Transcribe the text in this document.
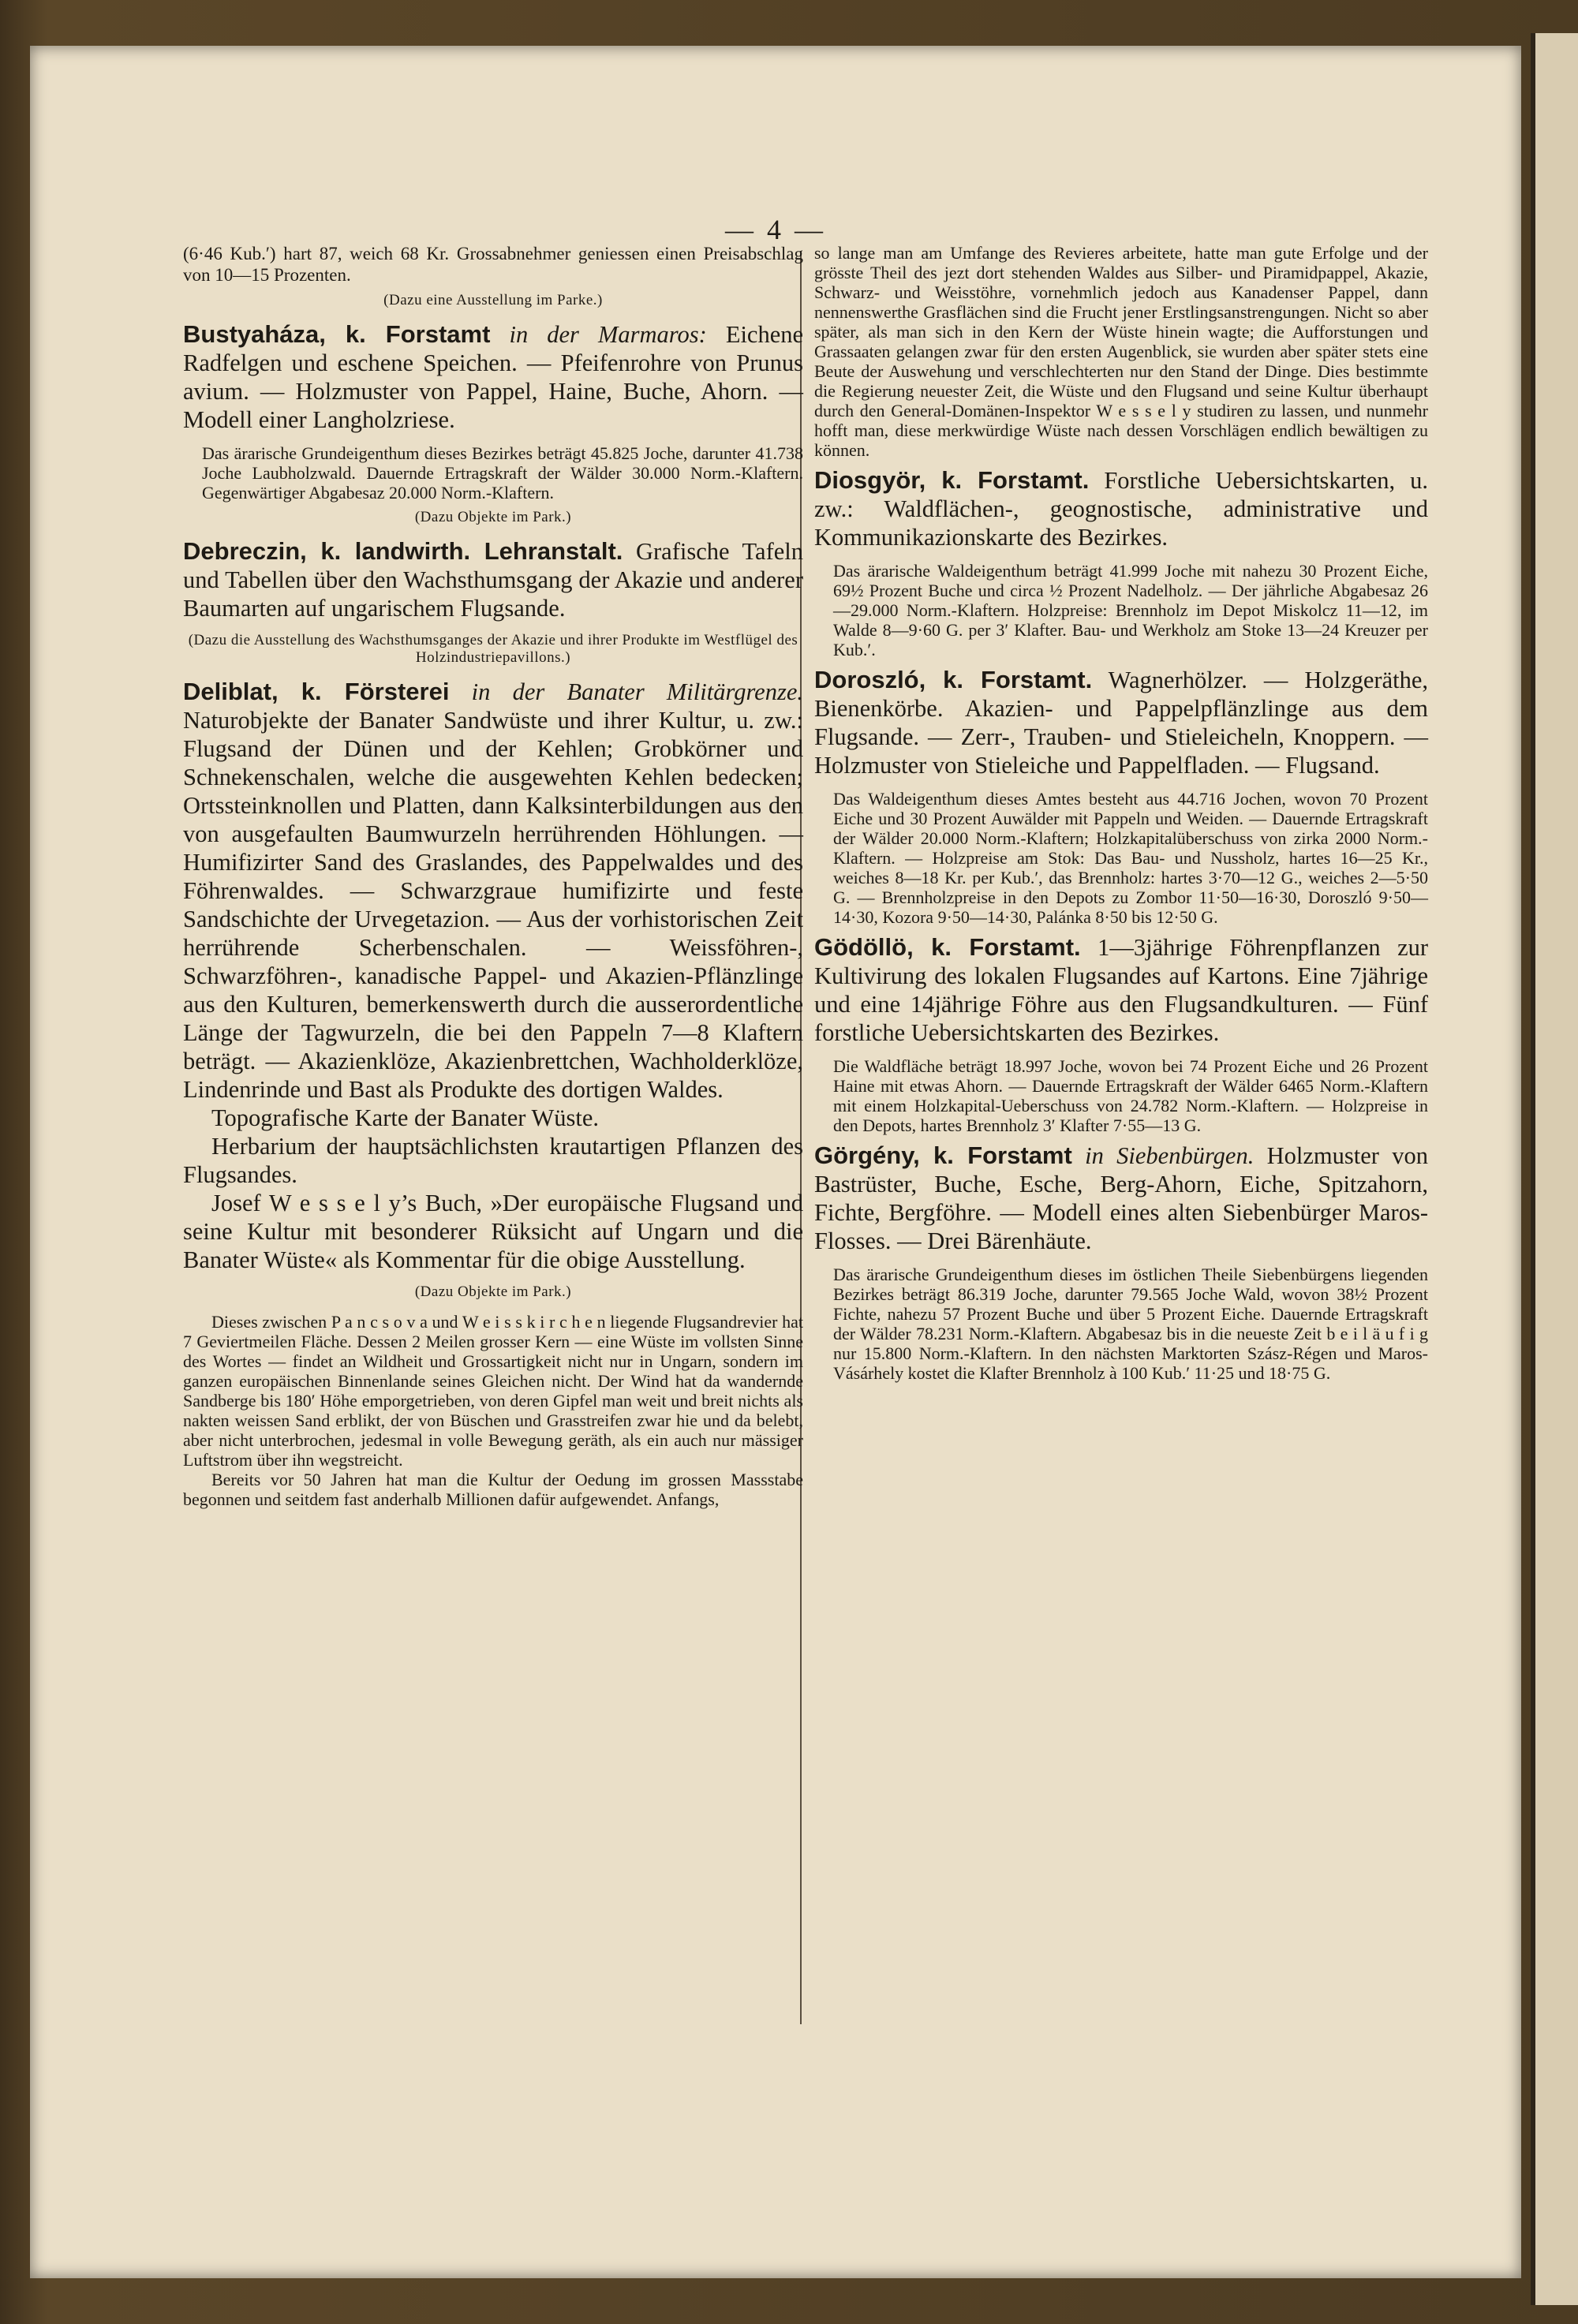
— 4 —

(6·46 Kub.′) hart 87, weich 68 Kr. Grossabnehmer geniessen einen Preisabschlag von 10—15 Prozenten.

(Dazu eine Ausstellung im Parke.)

Bustyaháza, k. Forstamt in der Marmaros: Eichene Radfelgen und eschene Speichen. — Pfeifenrohre von Prunus avium. — Holzmuster von Pappel, Haine, Buche, Ahorn. — Modell einer Langholzriese.

Das ärarische Grundeigenthum dieses Bezirkes beträgt 45.825 Joche, darunter 41.738 Joche Laubholzwald. Dauernde Ertragskraft der Wälder 30.000 Norm.-Klaftern. Gegenwärtiger Abgabesaz 20.000 Norm.-Klaftern.

(Dazu Objekte im Park.)

Debreczin, k. landwirth. Lehranstalt. Grafische Tafeln und Tabellen über den Wachsthumsgang der Akazie und anderer Baumarten auf ungarischem Flugsande.

(Dazu die Ausstellung des Wachsthumsganges der Akazie und ihrer Produkte im Westflügel des Holzindustriepavillons.)

Deliblat, k. Försterei in der Banater Militärgrenze. Naturobjekte der Banater Sandwüste und ihrer Kultur, u. zw.: Flugsand der Dünen und der Kehlen; Grobkörner und Schnekenschalen, welche die ausgewehten Kehlen bedecken; Ortssteinknollen und Platten, dann Kalksinterbildungen aus den von ausgefaulten Baumwurzeln herrührenden Höhlungen. — Humifizirter Sand des Graslandes, des Pappelwaldes und des Föhrenwaldes. — Schwarzgraue humifizirte und feste Sandschichte der Urvegetazion. — Aus der vorhistorischen Zeit herrührende Scherbenschalen. — Weissföhren-, Schwarzföhren-, kanadische Pappel- und Akazien-Pflänzlinge aus den Kulturen, bemerkenswerth durch die ausserordentliche Länge der Tagwurzeln, die bei den Pappeln 7—8 Klaftern beträgt. — Akazienklöze, Akazienbrettchen, Wachholderklöze, Lindenrinde und Bast als Produkte des dortigen Waldes.

Topografische Karte der Banater Wüste.

Herbarium der hauptsächlichsten krautartigen Pflanzen des Flugsandes.

Josef W e s s e l y’s Buch, »Der europäische Flugsand und seine Kultur mit besonderer Rüksicht auf Ungarn und die Banater Wüste« als Kommentar für die obige Ausstellung.

(Dazu Objekte im Park.)

Dieses zwischen P a n c s o v a und W e i s s k i r c h e n liegende Flugsandrevier hat 7 Geviertmeilen Fläche. Dessen 2 Meilen grosser Kern — eine Wüste im vollsten Sinne des Wortes — findet an Wildheit und Grossartigkeit nicht nur in Ungarn, sondern im ganzen europäischen Binnenlande seines Gleichen nicht. Der Wind hat da wandernde Sandberge bis 180′ Höhe emporgetrieben, von deren Gipfel man weit und breit nichts als nakten weissen Sand erblikt, der von Büschen und Grasstreifen zwar hie und da belebt, aber nicht unterbrochen, jedesmal in volle Bewegung geräth, als ein auch nur mässiger Luftstrom über ihn wegstreicht.

Bereits vor 50 Jahren hat man die Kultur der Oedung im grossen Massstabe begonnen und seitdem fast anderhalb Millionen dafür aufgewendet. Anfangs,

so lange man am Umfange des Revieres arbeitete, hatte man gute Erfolge und der grösste Theil des jezt dort stehenden Waldes aus Silber- und Piramidpappel, Akazie, Schwarz- und Weisstöhre, vornehmlich jedoch aus Kanadenser Pappel, dann nennenswerthe Grasflächen sind die Frucht jener Erstlingsanstrengungen. Nicht so aber später, als man sich in den Kern der Wüste hinein wagte; die Aufforstungen und Grassaaten gelangen zwar für den ersten Augenblick, sie wurden aber später stets eine Beute der Auswehung und verschlechterten nur den Stand der Dinge. Dies bestimmte die Regierung neuester Zeit, die Wüste und den Flugsand und seine Kultur überhaupt durch den General-Domänen-Inspektor W e s s e l y studiren zu lassen, und nunmehr hofft man, diese merkwürdige Wüste nach dessen Vorschlägen endlich bewältigen zu können.

Diosgyör, k. Forstamt. Forstliche Uebersichtskarten, u. zw.: Waldflächen-, geognostische, administrative und Kommunikazionskarte des Bezirkes.

Das ärarische Waldeigenthum beträgt 41.999 Joche mit nahezu 30 Prozent Eiche, 69½ Prozent Buche und circa ½ Prozent Nadelholz. — Der jährliche Abgabesaz 26—29.000 Norm.-Klaftern. Holzpreise: Brennholz im Depot Miskolcz 11—12, im Walde 8—9·60 G. per 3′ Klafter. Bau- und Werkholz am Stoke 13—24 Kreuzer per Kub.′.

Doroszló, k. Forstamt. Wagnerhölzer. — Holzgeräthe, Bienenkörbe. Akazien- und Pappelpflänzlinge aus dem Flugsande. — Zerr-, Trauben- und Stieleicheln, Knoppern. — Holzmuster von Stieleiche und Pappelfladen. — Flugsand.

Das Waldeigenthum dieses Amtes besteht aus 44.716 Jochen, wovon 70 Prozent Eiche und 30 Prozent Auwälder mit Pappeln und Weiden. — Dauernde Ertragskraft der Wälder 20.000 Norm.-Klaftern; Holzkapitalüberschuss von zirka 2000 Norm.-Klaftern. — Holzpreise am Stok: Das Bau- und Nussholz, hartes 16—25 Kr., weiches 8—18 Kr. per Kub.′, das Brennholz: hartes 3·70—12 G., weiches 2—5·50 G. — Brennholzpreise in den Depots zu Zombor 11·50—16·30, Doroszló 9·50—14·30, Kozora 9·50—14·30, Palánka 8·50 bis 12·50 G.

Gödöllö, k. Forstamt. 1—3jährige Föhrenpflanzen zur Kultivirung des lokalen Flugsandes auf Kartons. Eine 7jährige und eine 14jährige Föhre aus den Flugsandkulturen. — Fünf forstliche Uebersichtskarten des Bezirkes.

Die Waldfläche beträgt 18.997 Joche, wovon bei 74 Prozent Eiche und 26 Prozent Haine mit etwas Ahorn. — Dauernde Ertragskraft der Wälder 6465 Norm.-Klaftern mit einem Holzkapital-Ueberschuss von 24.782 Norm.-Klaftern. — Holzpreise in den Depots, hartes Brennholz 3′ Klafter 7·55—13 G.

Görgény, k. Forstamt in Siebenbürgen. Holzmuster von Bastrüster, Buche, Esche, Berg-Ahorn, Eiche, Spitzahorn, Fichte, Bergföhre. — Modell eines alten Siebenbürger Maros-Flosses. — Drei Bärenhäute.

Das ärarische Grundeigenthum dieses im östlichen Theile Siebenbürgens liegenden Bezirkes beträgt 86.319 Joche, darunter 79.565 Joche Wald, wovon 38½ Prozent Fichte, nahezu 57 Prozent Buche und über 5 Prozent Eiche. Dauernde Ertragskraft der Wälder 78.231 Norm.-Klaftern. Abgabesaz bis in die neueste Zeit b e i l ä u f i g nur 15.800 Norm.-Klaftern. In den nächsten Marktorten Szász-Régen und Maros-Vásárhely kostet die Klafter Brennholz à 100 Kub.′ 11·25 und 18·75 G.
